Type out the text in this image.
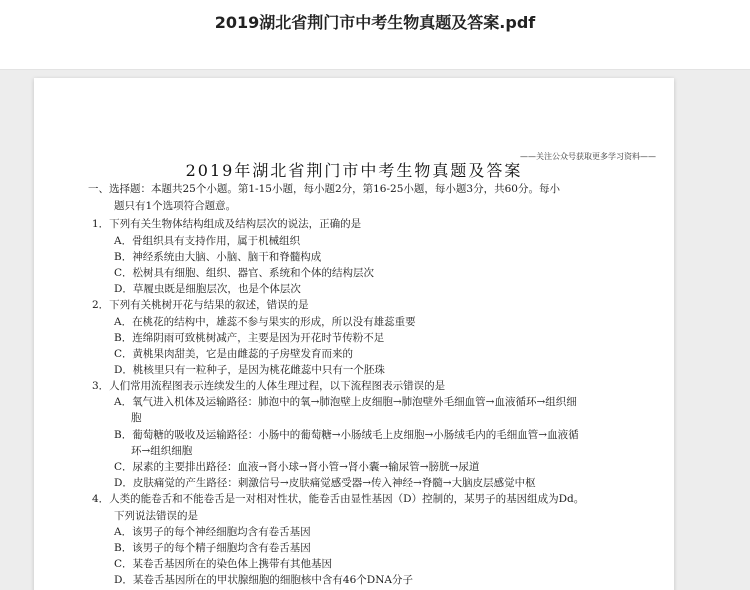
2019湖北省荆门市中考生物真题及答案.pdf
——关注公众号获取更多学习资料——
2019年湖北省荆门市中考生物真题及答案
一、选择题：本题共25个小题。第1-15小题，每小题2分，第16-25小题，每小题3分，共60分。每小
题只有1个选项符合题意。
1．下列有关生物体结构组成及结构层次的说法，正确的是
A．骨组织具有支持作用，属于机械组织
B．神经系统由大脑、小脑、脑干和脊髓构成
C．松树具有细胞、组织、器官、系统和个体的结构层次
D．草履虫既是细胞层次，也是个体层次
2．下列有关桃树开花与结果的叙述，错误的是
A．在桃花的结构中，雄蕊不参与果实的形成，所以没有雄蕊重要
B．连绵阴雨可致桃树减产，主要是因为开花时节传粉不足
C．黄桃果肉甜美，它是由雌蕊的子房壁发育而来的
D．桃核里只有一粒种子，是因为桃花雌蕊中只有一个胚珠
3．人们常用流程图表示连续发生的人体生理过程，以下流程图表示错误的是
A．氧气进入机体及运输路径：肺泡中的氧→肺泡壁上皮细胞→肺泡壁外毛细血管→血液循环→组织细
胞
B．葡萄糖的吸收及运输路径：小肠中的葡萄糖→小肠绒毛上皮细胞→小肠绒毛内的毛细血管→血液循
环→组织细胞
C．尿素的主要排出路径：血液→肾小球→肾小管→肾小囊→输尿管→膀胱→尿道
D．皮肤痛觉的产生路径：刺激信号→皮肤痛觉感受器→传入神经→脊髓→大脑皮层感觉中枢
4．人类的能卷舌和不能卷舌是一对相对性状，能卷舌由显性基因（D）控制的，某男子的基因组成为Dd。
下列说法错误的是
A．该男子的每个神经细胞均含有卷舌基因
B．该男子的每个精子细胞均含有卷舌基因
C．某卷舌基因所在的染色体上携带有其他基因
D．某卷舌基因所在的甲状腺细胞的细胞核中含有46个DNA分子
